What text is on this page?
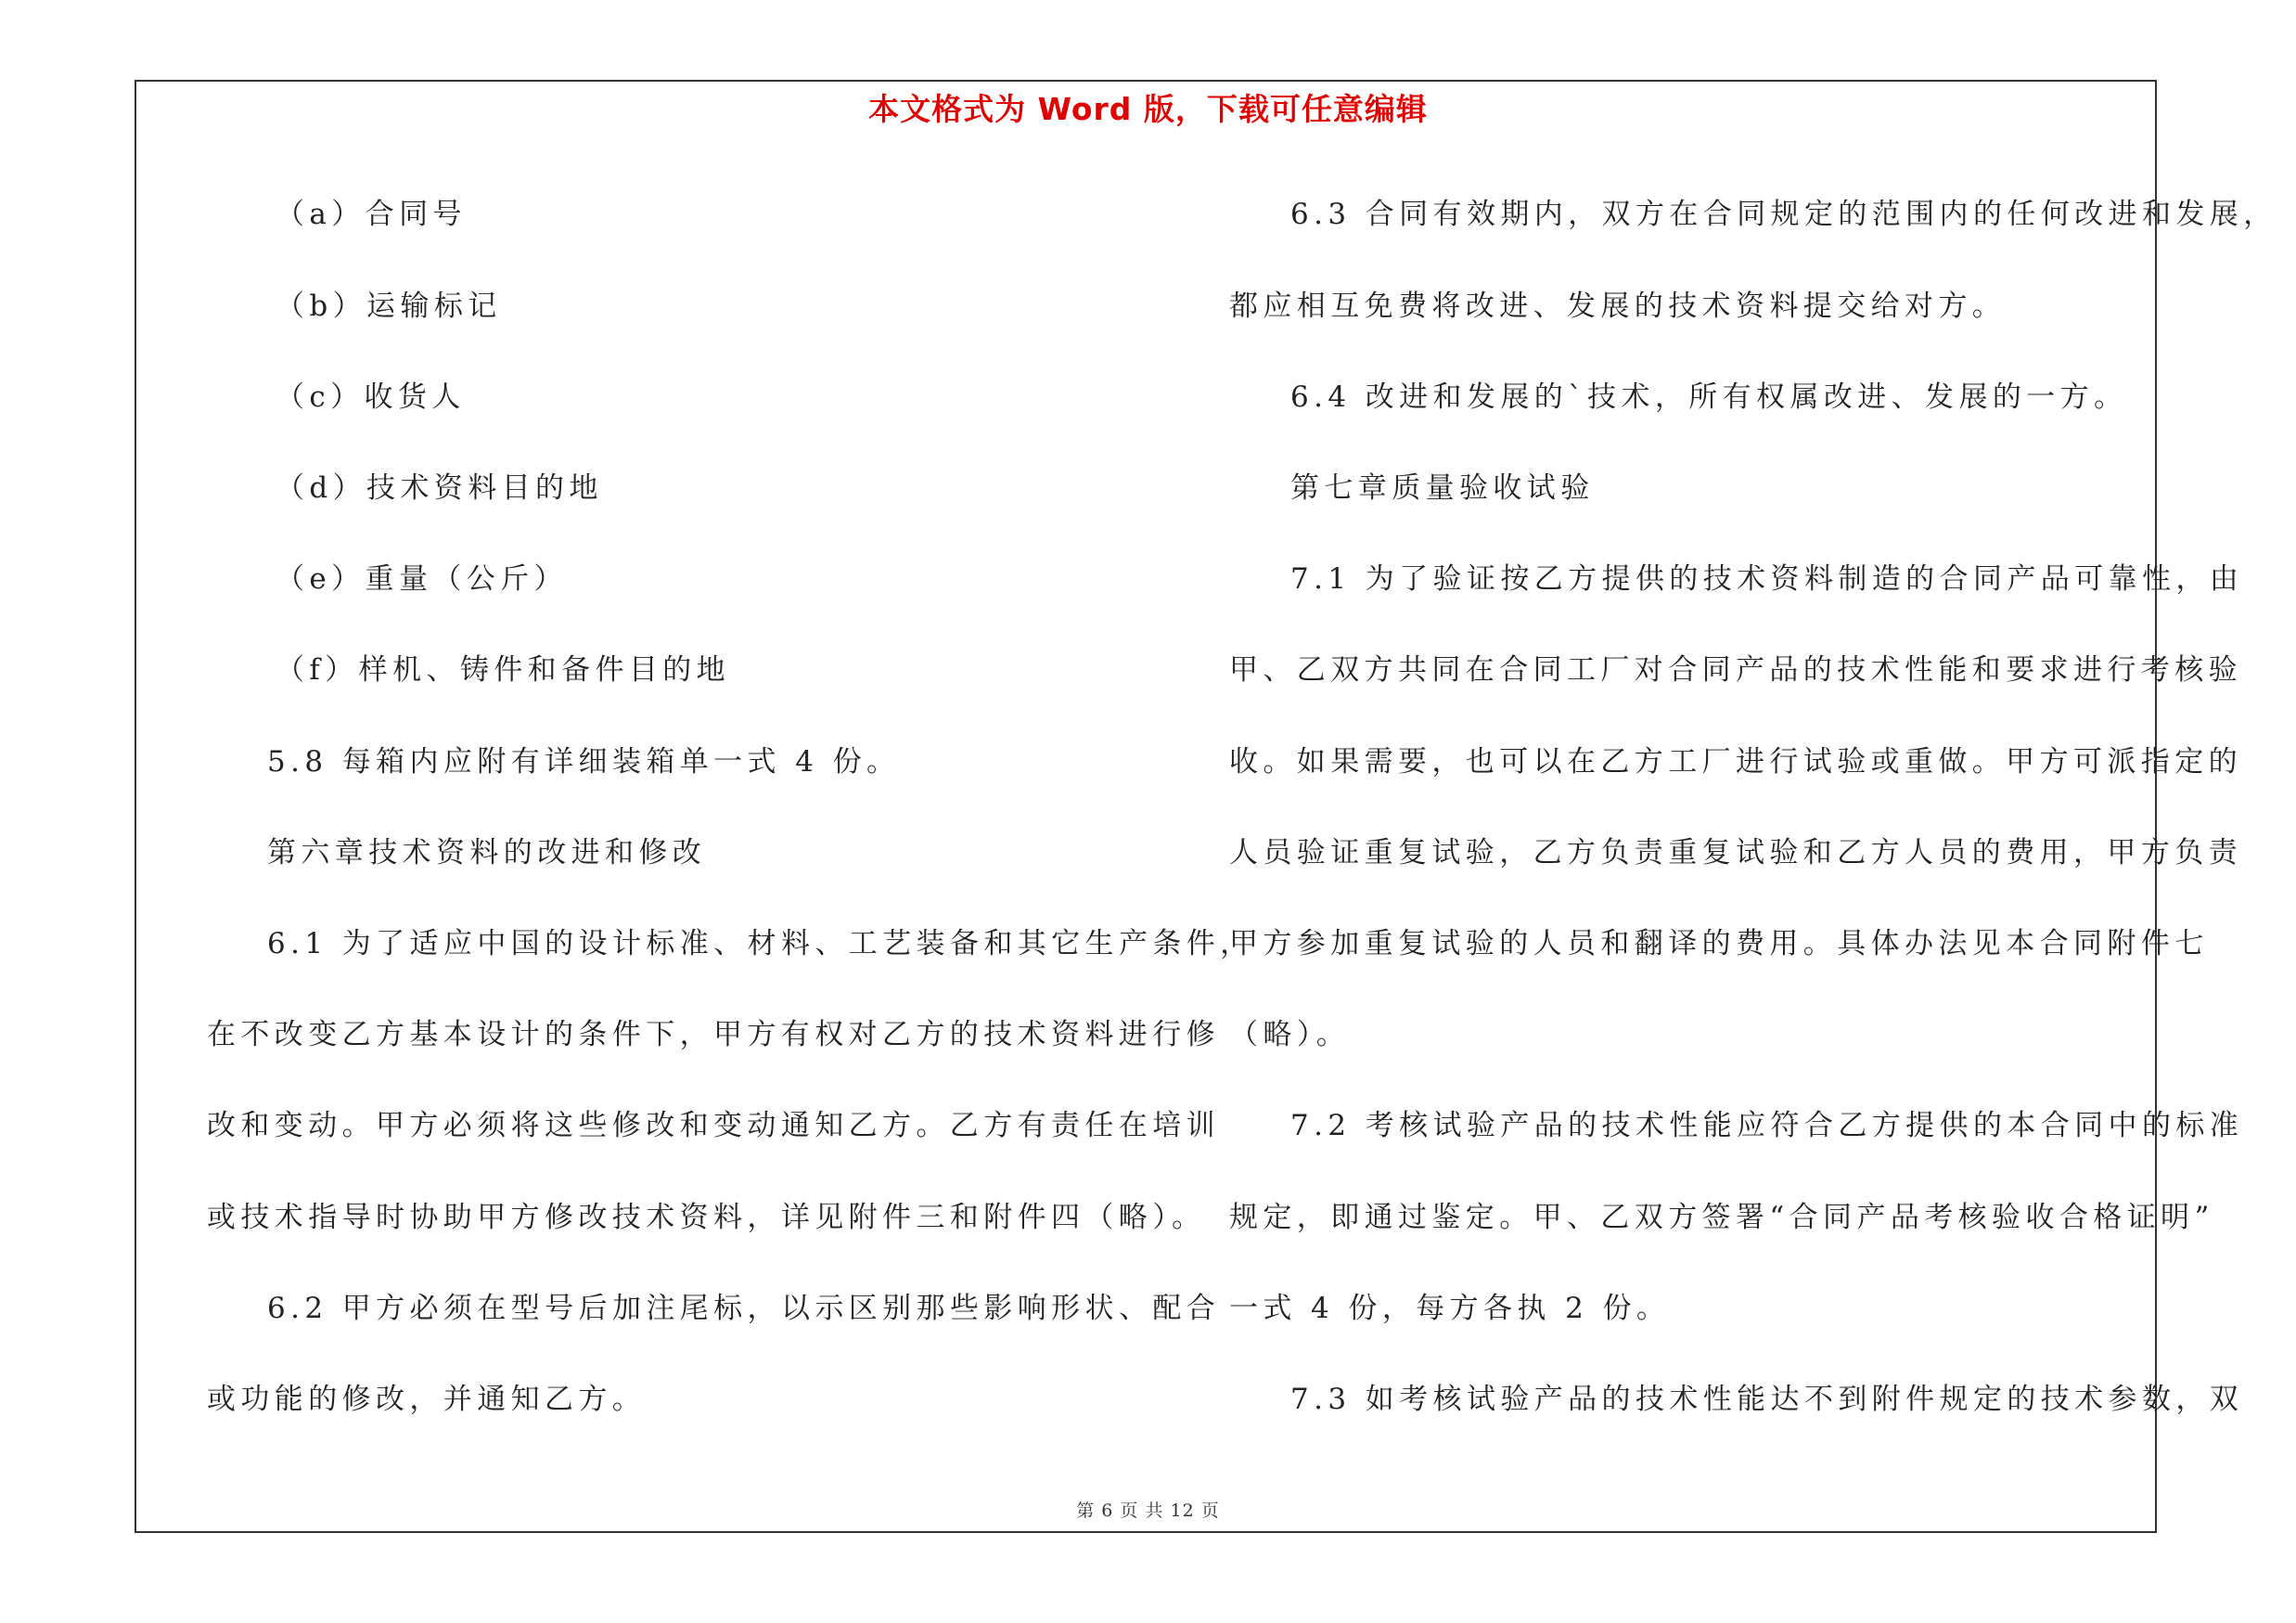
本文格式为 Word 版，下载可任意编辑
（a）合同号
（b）运输标记
（c）收货人
（d）技术资料目的地
（e）重量（公斤）
（f）样机、铸件和备件目的地
5.8 每箱内应附有详细装箱单一式 4 份。
第六章技术资料的改进和修改
6.1 为了适应中国的设计标准、材料、工艺装备和其它生产条件，
在不改变乙方基本设计的条件下，甲方有权对乙方的技术资料进行修
改和变动。甲方必须将这些修改和变动通知乙方。乙方有责任在培训
或技术指导时协助甲方修改技术资料，详见附件三和附件四（略）。
6.2 甲方必须在型号后加注尾标，以示区别那些影响形状、配合
或功能的修改，并通知乙方。
6.3 合同有效期内，双方在合同规定的范围内的任何改进和发展，
都应相互免费将改进、发展的技术资料提交给对方。
6.4 改进和发展的`技术，所有权属改进、发展的一方。
第七章质量验收试验
7.1 为了验证按乙方提供的技术资料制造的合同产品可靠性，由
甲、乙双方共同在合同工厂对合同产品的技术性能和要求进行考核验
收。如果需要，也可以在乙方工厂进行试验或重做。甲方可派指定的
人员验证重复试验，乙方负责重复试验和乙方人员的费用，甲方负责
甲方参加重复试验的人员和翻译的费用。具体办法见本合同附件七
（略）。
7.2 考核试验产品的技术性能应符合乙方提供的本合同中的标准
规定，即通过鉴定。甲、乙双方签署“合同产品考核验收合格证明”
一式 4 份，每方各执 2 份。
7.3 如考核试验产品的技术性能达不到附件规定的技术参数，双
第 6 页 共 12 页
